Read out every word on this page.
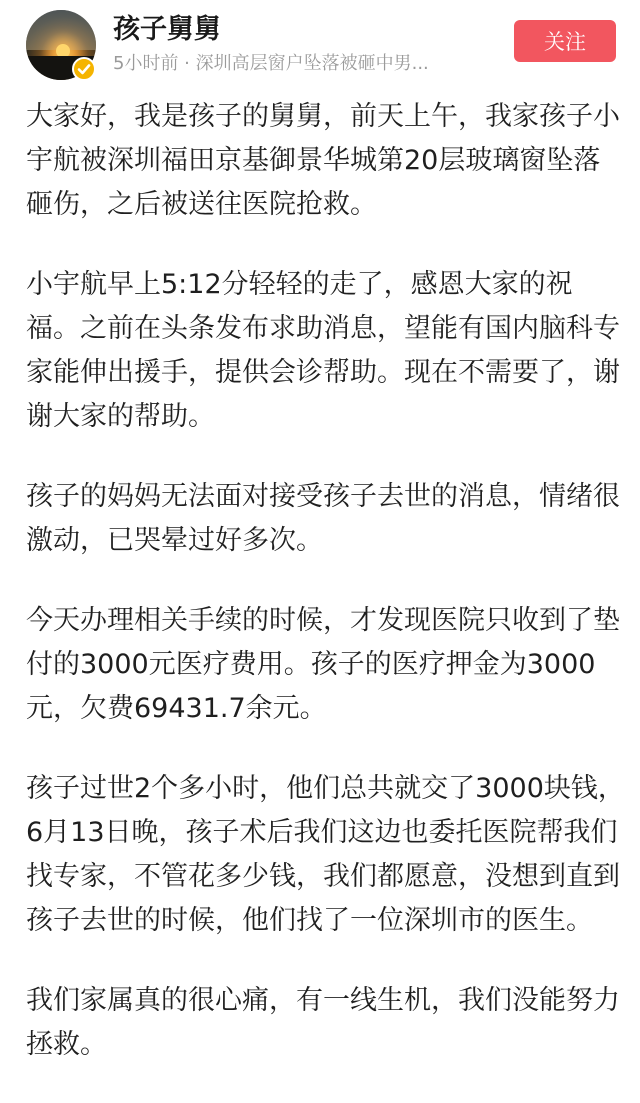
孩子舅舅
5小时前 · 深圳高层窗户坠落被砸中男...
关注

大家好，我是孩子的舅舅，前天上午，我家孩子小宇航被深圳福田京基御景华城第20层玻璃窗坠落砸伤，之后被送往医院抢救。

小宇航早上5:12分轻轻的走了，感恩大家的祝福。之前在头条发布求助消息，望能有国内脑科专家能伸出援手，提供会诊帮助。现在不需要了，谢谢大家的帮助。

孩子的妈妈无法面对接受孩子去世的消息，情绪很激动，已哭晕过好多次。

今天办理相关手续的时候，才发现医院只收到了垫付的3000元医疗费用。孩子的医疗押金为3000元，欠费69431.7余元。

孩子过世2个多小时，他们总共就交了3000块钱，6月13日晚，孩子术后我们这边也委托医院帮我们找专家，不管花多少钱，我们都愿意，没想到直到孩子去世的时候，他们找了一位深圳市的医生。

我们家属真的很心痛，有一线生机，我们没能努力拯救。
